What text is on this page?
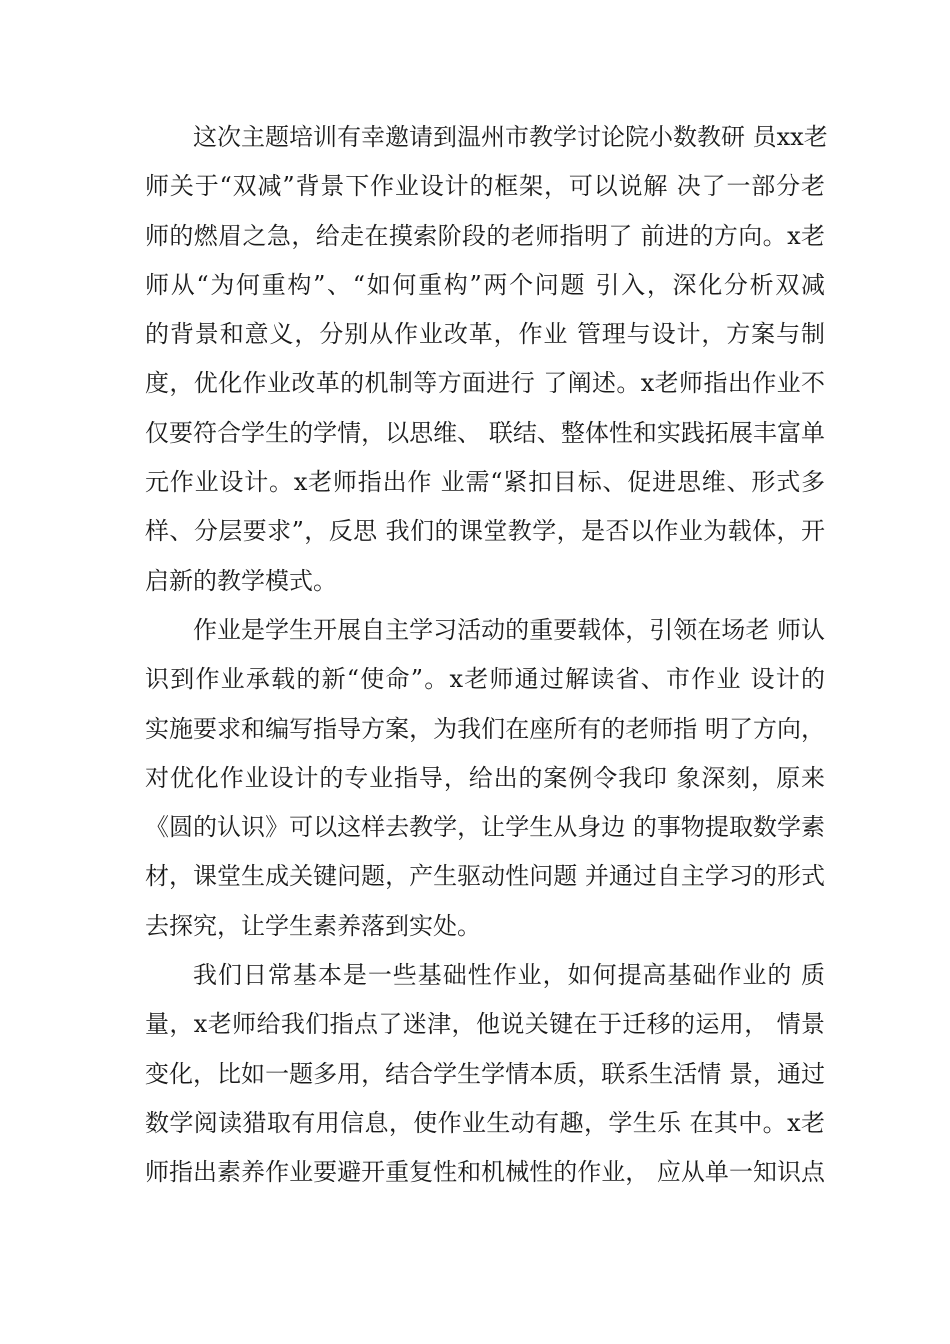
这次主题培训有幸邀请到温州市教学讨论院小数教研 员xx老
师关于“双减”背景下作业设计的框架，可以说解 决了一部分老
师的燃眉之急，给走在摸索阶段的老师指明了 前进的方向。x老
师从“为何重构”、“如何重构”两个问题 引入，深化分析双减
的背景和意义，分别从作业改革，作业 管理与设计，方案与制
度，优化作业改革的机制等方面进行 了阐述。x老师指出作业不
仅要符合学生的学情，以思维、 联结、整体性和实践拓展丰富单
元作业设计。x老师指出作 业需“紧扣目标、促进思维、形式多
样、分层要求”，反思 我们的课堂教学，是否以作业为载体，开
启新的教学模式。
作业是学生开展自主学习活动的重要载体，引领在场老 师认
识到作业承载的新“使命”。x老师通过解读省、市作业 设计的
实施要求和编写指导方案，为我们在座所有的老师指 明了方向，
对优化作业设计的专业指导，给出的案例令我印 象深刻，原来
《圆的认识》可以这样去教学，让学生从身边 的事物提取数学素
材，课堂生成关键问题，产生驱动性问题 并通过自主学习的形式
去探究，让学生素养落到实处。
我们日常基本是一些基础性作业，如何提高基础作业的 质
量，x老师给我们指点了迷津，他说关键在于迁移的运用， 情景
变化，比如一题多用，结合学生学情本质，联系生活情 景，通过
数学阅读猎取有用信息，使作业生动有趣，学生乐 在其中。x老
师指出素养作业要避开重复性和机械性的作业， 应从单一知识点
